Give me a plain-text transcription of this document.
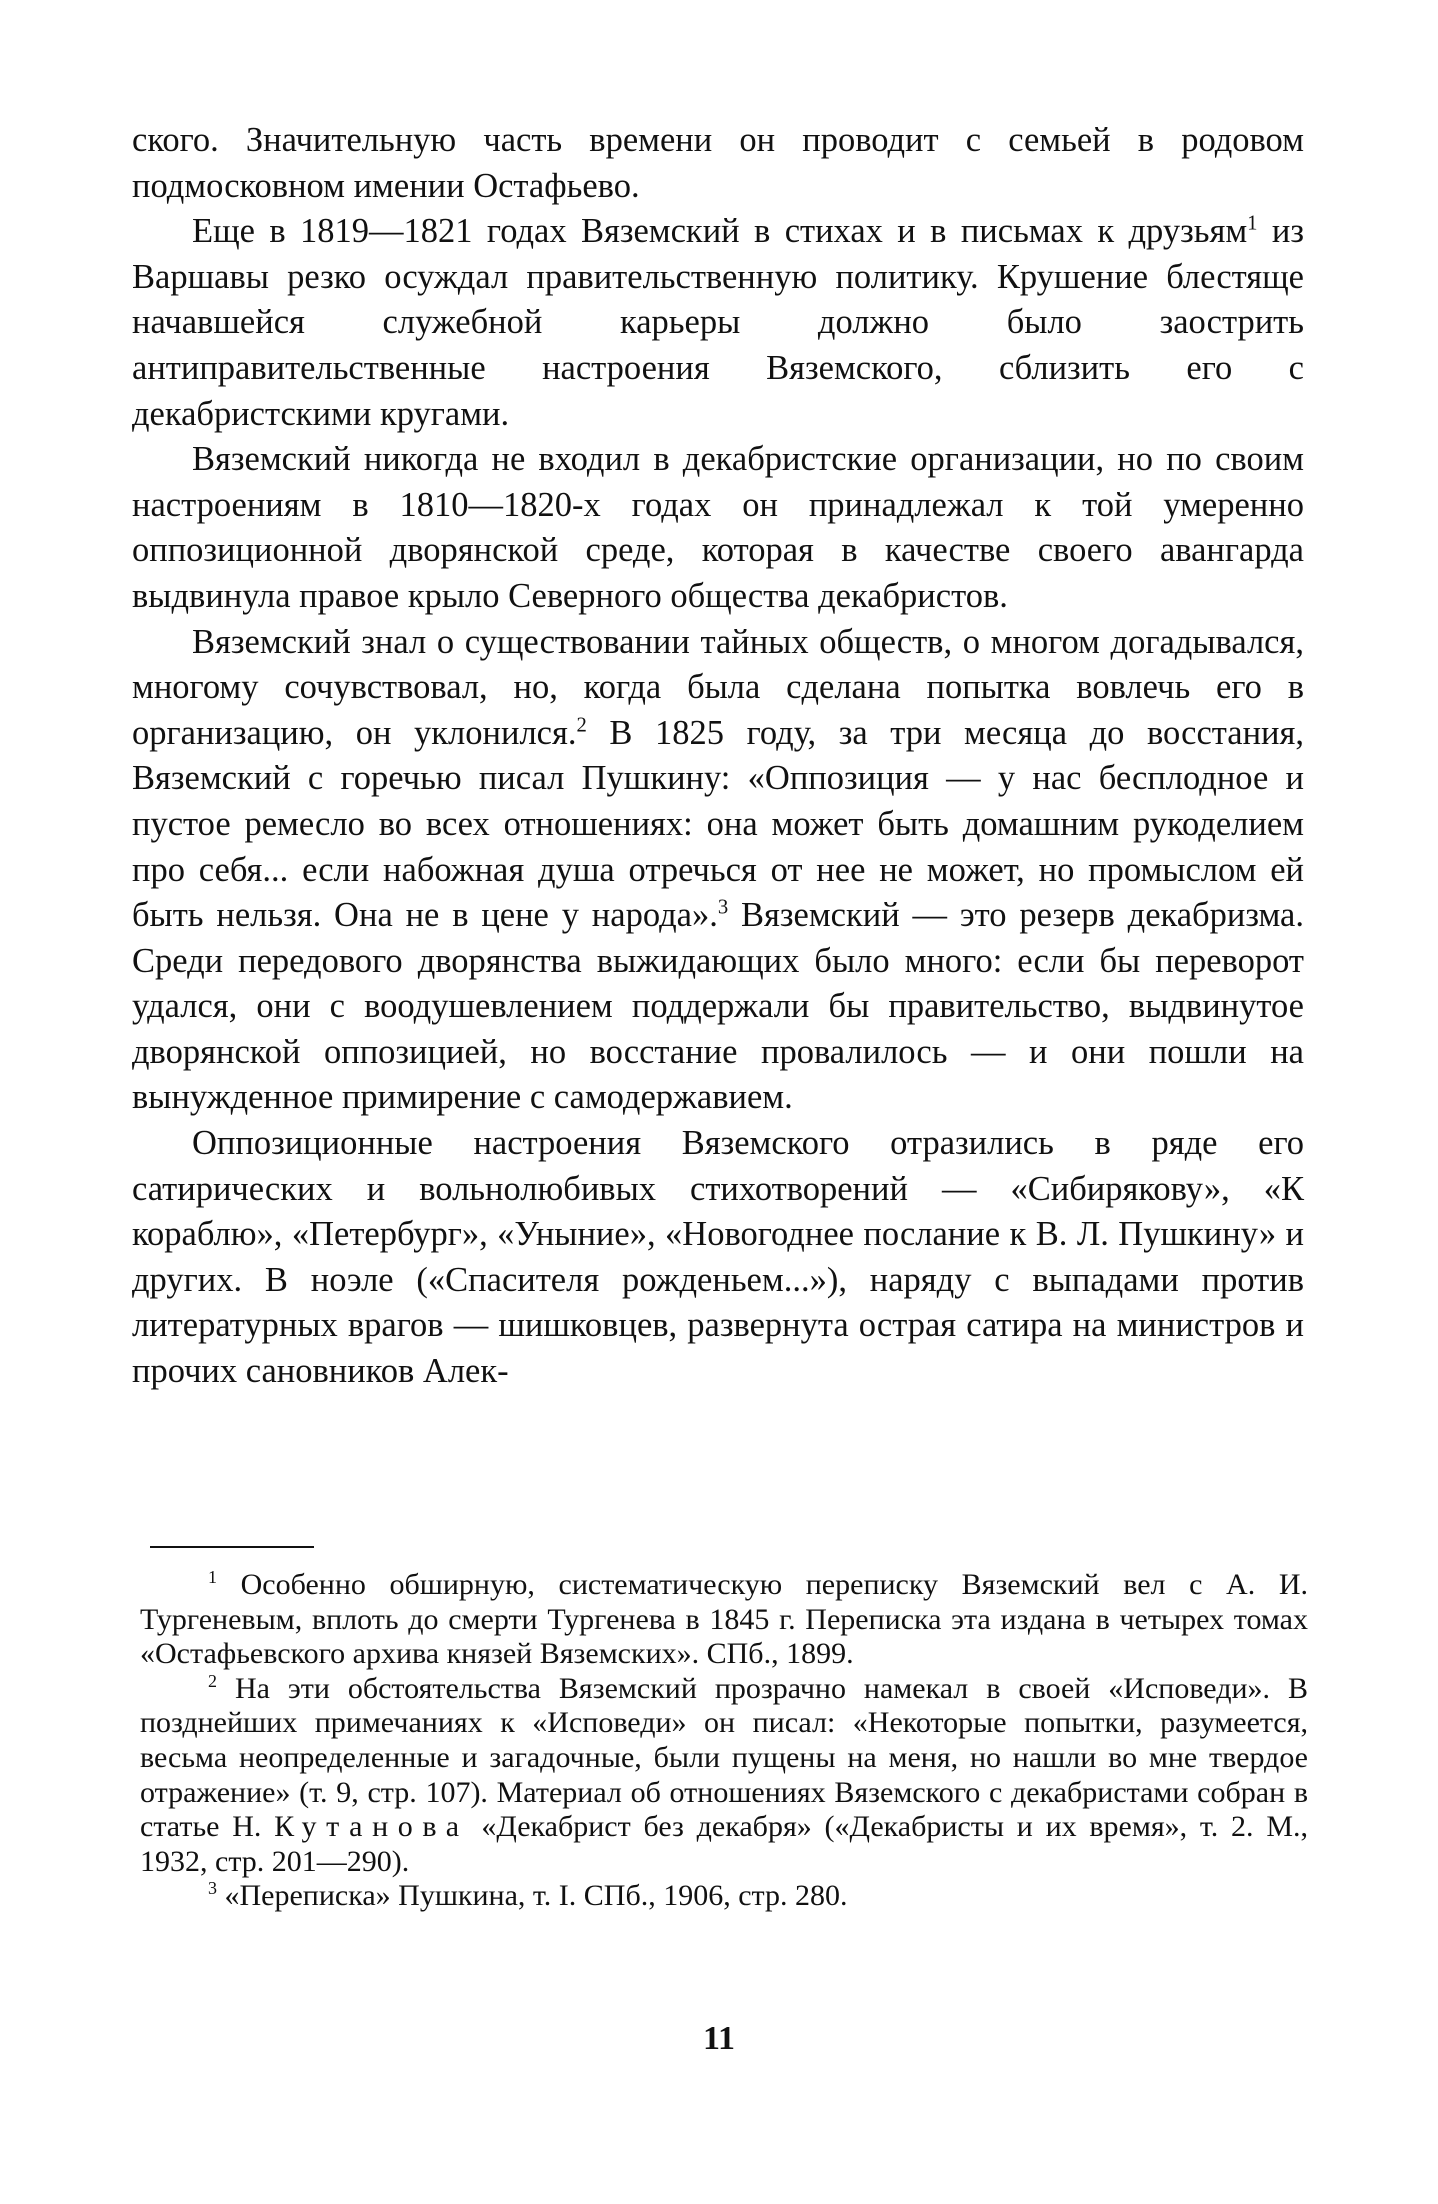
ского. Значительную часть времени он проводит с семьей в родовом подмосковном имении Остафьево.

Еще в 1819—1821 годах Вяземский в стихах и в письмах к друзьям$^1$ из Варшавы резко осуждал правительственную политику. Крушение блестяще начавшейся служебной карьеры должно было заострить антиправительственные настроения Вяземского, сблизить его с декабристскими кругами.

Вяземский никогда не входил в декабристские организации, но по своим настроениям в 1810—1820-х годах он принадлежал к той умеренно оппозиционной дворянской среде, которая в качестве своего авангарда выдвинула правое крыло Северного общества декабристов.

Вяземский знал о существовании тайных обществ, о многом догадывался, многому сочувствовал, но, когда была сделана попытка вовлечь его в организацию, он уклонился.$^2$ В 1825 году, за три месяца до восстания, Вяземский с горечью писал Пушкину: «Оппозиция — у нас бесплодное и пустое ремесло во всех отношениях: она может быть домашним рукоделием про себя... если набожная душа отречься от нее не может, но промыслом ей быть нельзя. Она не в цене у народа».$^3$ Вяземский — это резерв декабризма. Среди передового дворянства выжидающих было много: если бы переворот удался, они с воодушевлением поддержали бы правительство, выдвинутое дворянской оппозицией, но восстание провалилось — и они пошли на вынужденное примирение с самодержавием.

Оппозиционные настроения Вяземского отразились в ряде его сатирических и вольнолюбивых стихотворений — «Сибирякову», «К кораблю», «Петербург», «Уныние», «Новогоднее послание к В. Л. Пушкину» и других. В ноэле («Спасителя рожденьем...»), наряду с выпадами против литературных врагов — шишковцев, развернута острая сатира на министров и прочих сановников Алек-

$^1$ Особенно обширную, систематическую переписку Вяземский вел с А. И. Тургеневым, вплоть до смерти Тургенева в 1845 г. Переписка эта издана в четырех томах «Остафьевского архива князей Вяземских». СПб., 1899.

$^2$ На эти обстоятельства Вяземский прозрачно намекал в своей «Исповеди». В позднейших примечаниях к «Исповеди» он писал: «Некоторые попытки, разумеется, весьма неопределенные и загадочные, были пущены на меня, но нашли во мне твердое отражение» (т. 9, стр. 107). Материал об отношениях Вяземского с декабристами собран в статье Н. Кутанова «Декабрист без декабря» («Декабристы и их время», т. 2. М., 1932, стр. 201—290).

$^3$ «Переписка» Пушкина, т. I. СПб., 1906, стр. 280.

11
